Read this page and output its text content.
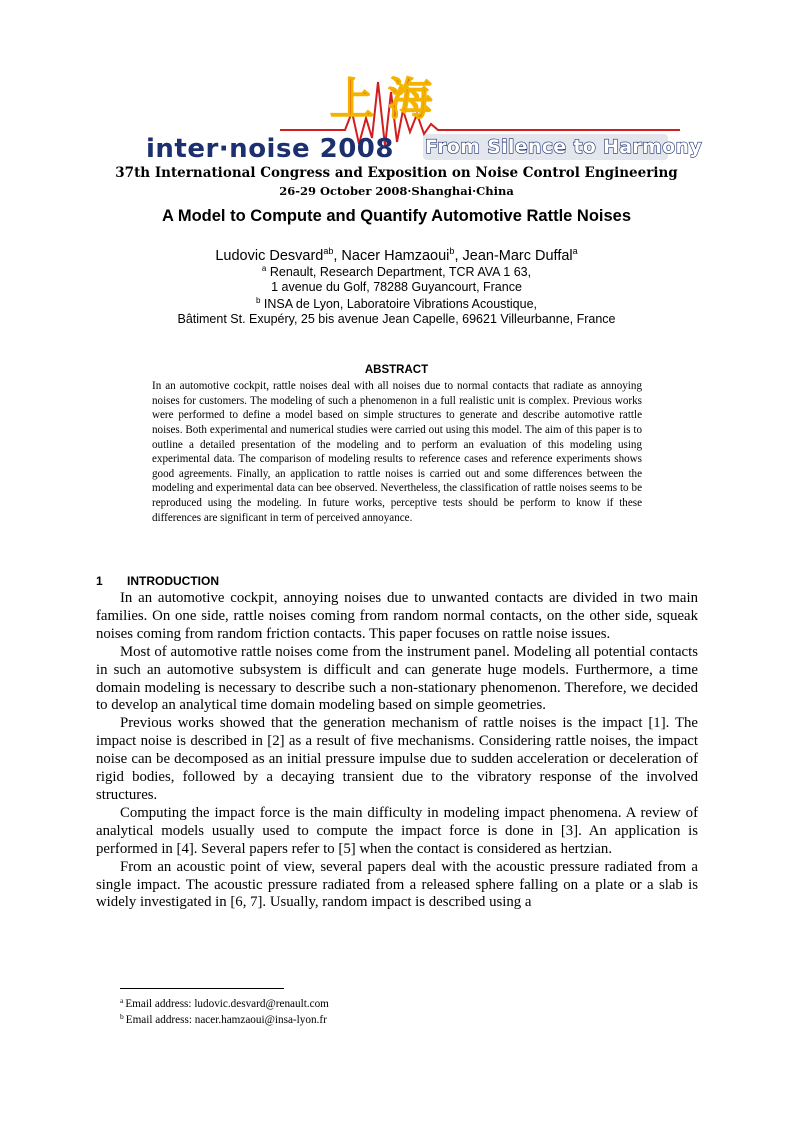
上海
inter·noise 2008 From Silence to Harmony
37th International Congress and Exposition on Noise Control Engineering
26-29 October 2008·Shanghai·China
A Model to Compute and Quantify Automotive Rattle Noises
Ludovic Desvard$^{ab}$, Nacer Hamzaoui$^b$, Jean-Marc Duffal$^a$
$^a$ Renault, Research Department, TCR AVA 1 63,
1 avenue du Golf, 78288 Guyancourt, France
$^b$ INSA de Lyon, Laboratoire Vibrations Acoustique,
Bâtiment St. Exupéry, 25 bis avenue Jean Capelle, 69621 Villeurbanne, France
ABSTRACT
In an automotive cockpit, rattle noises deal with all noises due to normal contacts that radiate as annoying noises for customers. The modeling of such a phenomenon in a full realistic unit is complex. Previous works were performed to define a model based on simple structures to generate and describe automotive rattle noises. Both experimental and numerical studies were carried out using this model. The aim of this paper is to outline a detailed presentation of the modeling and to perform an evaluation of this modeling using experimental data. The comparison of modeling results to reference cases and reference experiments shows good agreements. Finally, an application to rattle noises is carried out and some differences between the modeling and experimental data can bee observed. Nevertheless, the classification of rattle noises seems to be reproduced using the modeling. In future works, perceptive tests should be perform to know if these differences are significant in term of perceived annoyance.
1 INTRODUCTION

In an automotive cockpit, annoying noises due to unwanted contacts are divided in two main families. On one side, rattle noises coming from random normal contacts, on the other side, squeak noises coming from random friction contacts. This paper focuses on rattle noise issues.

Most of automotive rattle noises come from the instrument panel. Modeling all potential contacts in such an automotive subsystem is difficult and can generate huge models. Furthermore, a time domain modeling is necessary to describe such a non-stationary phenomenon. Therefore, we decided to develop an analytical time domain modeling based on simple geometries.

Previous works showed that the generation mechanism of rattle noises is the impact [1]. The impact noise is described in [2] as a result of five mechanisms. Considering rattle noises, the impact noise can be decomposed as an initial pressure impulse due to sudden acceleration or deceleration of rigid bodies, followed by a decaying transient due to the vibratory response of the involved structures.

Computing the impact force is the main difficulty in modeling impact phenomena. A review of analytical models usually used to compute the impact force is done in [3]. An application is performed in [4]. Several papers refer to [5] when the contact is considered as hertzian.

From an acoustic point of view, several papers deal with the acoustic pressure radiated from a single impact. The acoustic pressure radiated from a released sphere falling on a plate or a slab is widely investigated in [6, 7]. Usually, random impact is described using a

$^a$ Email address: ludovic.desvard@renault.com
$^b$ Email address: nacer.hamzaoui@insa-lyon.fr
